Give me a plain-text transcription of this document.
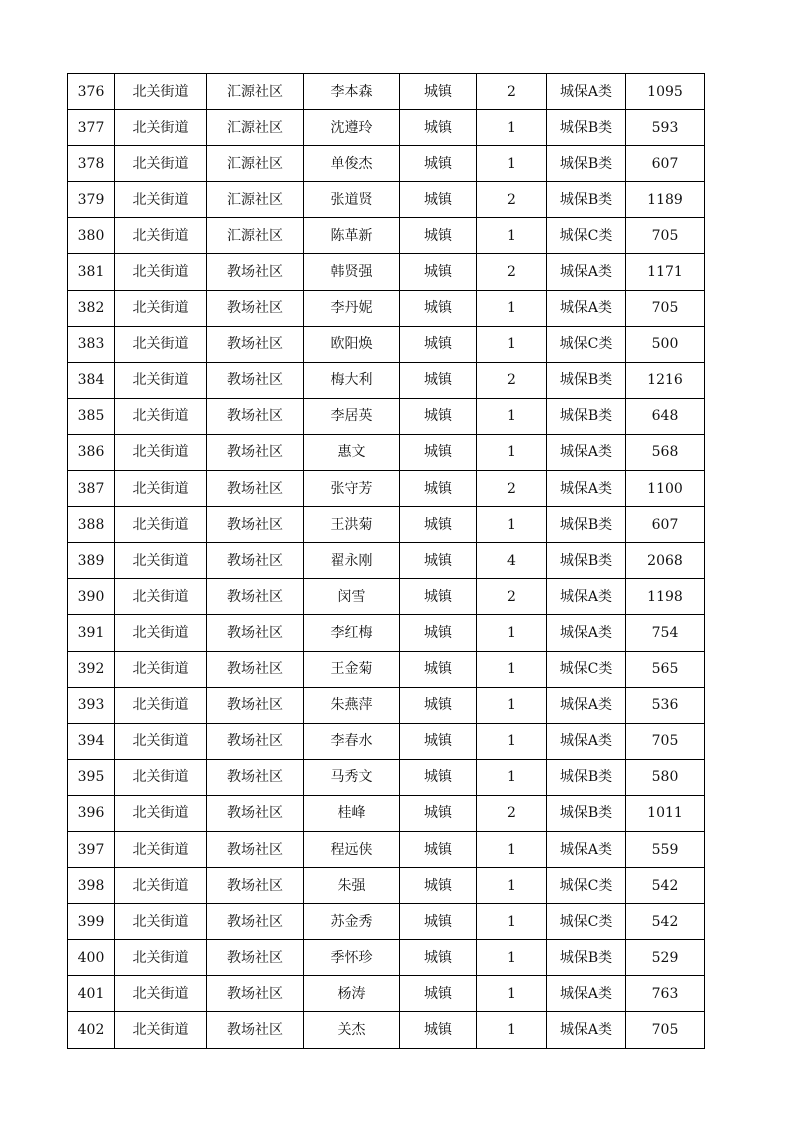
376	北关街道	汇源社区	李本森	城镇	2	城保A类	1095
377	北关街道	汇源社区	沈遵玲	城镇	1	城保B类	593
378	北关街道	汇源社区	单俊杰	城镇	1	城保B类	607
379	北关街道	汇源社区	张道贤	城镇	2	城保B类	1189
380	北关街道	汇源社区	陈革新	城镇	1	城保C类	705
381	北关街道	教场社区	韩贤强	城镇	2	城保A类	1171
382	北关街道	教场社区	李丹妮	城镇	1	城保A类	705
383	北关街道	教场社区	欧阳焕	城镇	1	城保C类	500
384	北关街道	教场社区	梅大利	城镇	2	城保B类	1216
385	北关街道	教场社区	李居英	城镇	1	城保B类	648
386	北关街道	教场社区	惠文	城镇	1	城保A类	568
387	北关街道	教场社区	张守芳	城镇	2	城保A类	1100
388	北关街道	教场社区	王洪菊	城镇	1	城保B类	607
389	北关街道	教场社区	翟永刚	城镇	4	城保B类	2068
390	北关街道	教场社区	闵雪	城镇	2	城保A类	1198
391	北关街道	教场社区	李红梅	城镇	1	城保A类	754
392	北关街道	教场社区	王金菊	城镇	1	城保C类	565
393	北关街道	教场社区	朱燕萍	城镇	1	城保A类	536
394	北关街道	教场社区	李春水	城镇	1	城保A类	705
395	北关街道	教场社区	马秀文	城镇	1	城保B类	580
396	北关街道	教场社区	桂峰	城镇	2	城保B类	1011
397	北关街道	教场社区	程远侠	城镇	1	城保A类	559
398	北关街道	教场社区	朱强	城镇	1	城保C类	542
399	北关街道	教场社区	苏金秀	城镇	1	城保C类	542
400	北关街道	教场社区	季怀珍	城镇	1	城保B类	529
401	北关街道	教场社区	杨涛	城镇	1	城保A类	763
402	北关街道	教场社区	关杰	城镇	1	城保A类	705
